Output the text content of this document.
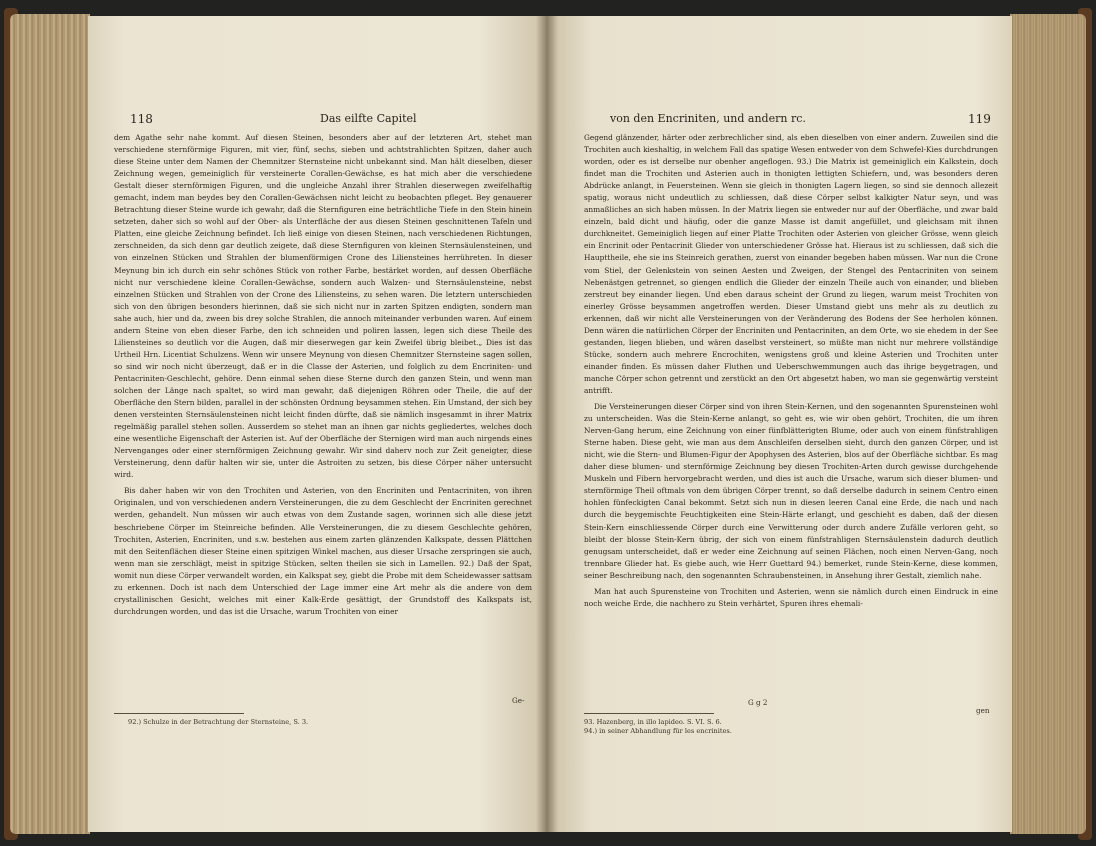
118	Das eilfte Capitel

dem Agathe sehr nahe kommt. Auf diesen Steinen, besonders aber auf der letzteren Art, stehet man verschiedene sternförmige Figuren, mit vier, fünf, sechs, sieben und achtstrahlichten Spitzen, daher auch diese Steine unter dem Namen der Chemnitzer Sternsteine nicht unbekannt sind. Man hält dieselben, dieser Zeichnung wegen, gemeiniglich für versteinerte Corallen-Gewächse, es hat mich aber die verschiedene Gestalt dieser sternförmigen Figuren, und die ungleiche Anzahl ihrer Strahlen dieserwegen zweifelhaftig gemacht, indem man beydes bey den Corallen-Gewächsen nicht leicht zu beobachten pfleget. Bey genauerer Betrachtung dieser Steine wurde ich gewahr, daß die Sternfiguren eine beträchtliche Tiefe in den Stein hinein setzeten, daher sich so wohl auf der Ober- als Unterfläche der aus diesen Steinen geschnittenen Tafeln und Platten, eine gleiche Zeichnung befindet. Ich ließ einige von diesen Steinen, nach verschiedenen Richtungen, zerschneiden, da sich denn gar deutlich zeigete, daß diese Sternfiguren von kleinen Sternsäulensteinen, und von einzelnen Stücken und Strahlen der blumenförmigen Crone des Liliensteines herrühreten. In dieser Meynung bin ich durch ein sehr schönes Stück von rother Farbe, bestärket worden, auf dessen Oberfläche nicht nur verschiedene kleine Corallen-Gewächse, sondern auch Walzen- und Sternsäulensteine, nebst einzelnen Stücken und Strahlen von der Crone des Liliensteins, zu sehen waren. Die letztern unterschieden sich von den übrigen besonders hierinnen, daß sie sich nicht nur in zarten Spitzen endigten, sondern man sahe auch, hier und da, zween bis drey solche Strahlen, die annoch miteinander verbunden waren. Auf einem andern Steine von eben dieser Farbe, den ich schneiden und poliren lassen, legen sich diese Theile des Liliensteines so deutlich vor die Augen, daß mir dieserwegen gar kein Zweifel übrig bleibet.„ Dies ist das Urtheil Hrn. Licentiat Schulzens. Wenn wir unsere Meynung von diesen Chemnitzer Sternsteine sagen sollen, so sind wir noch nicht überzeugt, daß er in die Classe der Asterien, und folglich zu dem Encriniten- und Pentacriniten-Geschlecht, gehöre. Denn einmal sehen diese Sterne durch den ganzen Stein, und wenn man solchen der Länge nach spaltet, so wird man gewahr, daß diejenigen Röhren oder Theile, die auf der Oberfläche den Stern bilden, parallel in der schönsten Ordnung beysammen stehen. Ein Umstand, der sich bey denen versteinten Sternsäulensteinen nicht leicht finden dürfte, daß sie nämlich insgesammt in ihrer Matrix regelmäßig parallel stehen sollen. Ausserdem so stehet man an ihnen gar nichts gegliedertes, welches doch eine wesentliche Eigenschaft der Asterien ist. Auf der Oberfläche der Sternigen wird man auch nirgends eines Nervenganges oder einer sternförmigen Zeichnung gewahr. Wir sind daherv noch zur Zeit geneigter, diese Versteinerung, denn dafür halten wir sie, unter die Astroiten zu setzen, bis diese Cörper näher untersucht wird.

Bis daher haben wir von den Trochiten und Asterien, von den Encriniten und Pentacriniten, von ihren Originalen, und von verschiedenen andern Versteinerungen, die zu dem Geschlecht der Encriniten gerechnet werden, gehandelt. Nun müssen wir auch etwas von dem Zustande sagen, worinnen sich alle diese jetzt beschriebene Cörper im Steinreiche befinden. Alle Versteinerungen, die zu diesem Geschlechte gehören, Trochiten, Asterien, Encriniten, und s.w. bestehen aus einem zarten glänzenden Kalkspate, dessen Plättchen mit den Seitenflächen dieser Steine einen spitzigen Winkel machen, aus dieser Ursache zerspringen sie auch, wenn man sie zerschlägt, meist in spitzige Stücken, selten theilen sie sich in Lamellen. 92.) Daß der Spat, womit nun diese Cörper verwandelt worden, ein Kalkspat sey, giebt die Probe mit dem Scheidewasser sattsam zu erkennen. Doch ist nach dem Unterschied der Lage immer eine Art mehr als die andere von dem crystallinischen Gesicht, welches mit einer Kalk-Erde gesättigt, der Grundstoff des Kalkspats ist, durchdrungen worden, und das ist die Ursache, warum Trochiten von einer

Ge-
92.) Schulze in der Betrachtung der Sternsteine, S. 3.
von den Encriniten, und andern rc.	119

Gegend glänzender, härter oder zerbrechlicher sind, als eben dieselben von einer andern. Zuweilen sind die Trochiten auch kieshaltig, in welchem Fall das spatige Wesen entweder von dem Schwefel-Kies durchdrungen worden, oder es ist derselbe nur obenher angeflogen. 93.) Die Matrix ist gemeiniglich ein Kalkstein, doch findet man die Trochiten und Asterien auch in thonigten lettigten Schiefern, und, was besonders deren Abdrücke anlangt, in Feuersteinen. Wenn sie gleich in thonigten Lagern liegen, so sind sie dennoch allezeit spatig, woraus nicht undeutlich zu schliessen, daß diese Cörper selbst kalkigter Natur seyn, und was anmaßliches an sich haben müssen. In der Matrix liegen sie entweder nur auf der Oberfläche, und zwar bald einzeln, bald dicht und häufig, oder die ganze Masse ist damit angefüllet, und gleichsam mit ihnen durchkneitet. Gemeiniglich liegen auf einer Platte Trochiten oder Asterien von gleicher Grösse, wenn gleich ein Encrinit oder Pentacrinit Glieder von unterschiedener Grösse hat. Hieraus ist zu schliessen, daß sich die Haupttheile, ehe sie ins Steinreich gerathen, zuerst von einander begeben haben müssen. War nun die Crone vom Stiel, der Gelenkstein von seinen Aesten und Zweigen, der Stengel des Pentacriniten von seinem Nebenästgen getrennet, so giengen endlich die Glieder der einzeln Theile auch von einander, und blieben zerstreut bey einander liegen. Und eben daraus scheint der Grund zu liegen, warum meist Trochiten von einerley Grösse beysammen angetroffen werden. Dieser Umstand giebt uns mehr als zu deutlich zu erkennen, daß wir nicht alle Versteinerungen von der Veränderung des Bodens der See herholen können. Denn wären die natürlichen Cörper der Encriniten und Pentacriniten, an dem Orte, wo sie ehedem in der See gestanden, liegen blieben, und wären daselbst versteinert, so müßte man nicht nur mehrere vollständige Stücke, sondern auch mehrere Encrochiten, wenigstens groß und kleine Asterien und Trochiten unter einander finden. Es müssen daher Fluthen und Ueberschwemmungen auch das ihrige beygetragen, und manche Cörper schon getrennt und zerstückt an den Ort abgesetzt haben, wo man sie gegenwärtig versteint antrifft.

Die Versteinerungen dieser Cörper sind von ihren Stein-Kernen, und den sogenannten Spurensteinen wohl zu unterscheiden. Was die Stein-Kerne anlangt, so geht es, wie wir oben gehört, Trochiten, die um ihren Nerven-Gang herum, eine Zeichnung von einer fünfblätterigten Blume, oder auch von einem fünfstrahligen Sterne haben. Diese geht, wie man aus dem Anschleifen derselben sieht, durch den ganzen Cörper, und ist nicht, wie die Stern- und Blumen-Figur der Apophysen des Asterien, blos auf der Oberfläche sichtbar. Es mag daher diese blumen- und sternförmige Zeichnung bey diesen Trochiten-Arten durch gewisse durchgehende Muskeln und Fibern hervorgebracht werden, und dies ist auch die Ursache, warum sich dieser blumen- und sternförmige Theil oftmals von dem übrigen Cörper trennt, so daß derselbe dadurch in seinem Centro einen hohlen fünfeckigten Canal bekommt. Setzt sich nun in diesen leeren Canal eine Erde, die nach und nach durch die beygemischte Feuchtigkeiten eine Stein-Härte erlangt, und geschieht es daben, daß der diesen Stein-Kern einschliessende Cörper durch eine Verwitterung oder durch andere Zufälle verloren geht, so bleibt der blosse Stein-Kern übrig, der sich von einem fünfstrahligen Sternsäulenstein dadurch deutlich genugsam unterscheidet, daß er weder eine Zeichnung auf seinen Flächen, noch einen Nerven-Gang, noch trennbare Glieder hat. Es giebe auch, wie Herr Guettard 94.) bemerket, runde Stein-Kerne, diese kommen, seiner Beschreibung nach, den sogenannten Schraubensteinen, in Ansehung ihrer Gestalt, ziemlich nahe.

Man hat auch Spurensteine von Trochiten und Asterien, wenn sie nämlich durch einen Eindruck in eine noch weiche Erde, die nachhero zu Stein verhärtet, Spuren ihres ehemali-

G g 2
gen
93. Hazenberg, in illo lapideo. S. VI. S. 6.
94.) in seiner Abhandlung für les encrinites.
